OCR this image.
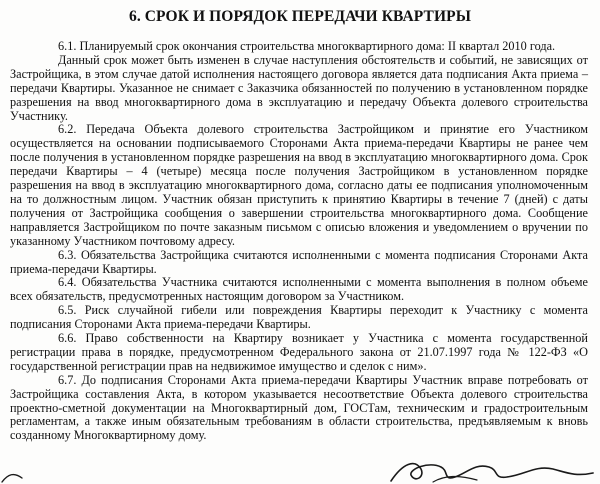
6. СРОК И ПОРЯДОК ПЕРЕДАЧИ КВАРТИРЫ

6.1. Планируемый срок окончания строительства многоквартирного дома: II квартал 2010 года.

Данный срок может быть изменен в случае наступления обстоятельств и событий, не зависящих от Застройщика, в этом случае датой исполнения настоящего договора является дата подписания Акта приема – передачи Квартиры. Указанное не снимает с Заказчика обязанностей по получению в установленном порядке разрешения на ввод многоквартирного дома в эксплуатацию и передачу Объекта долевого строительства Участнику.

6.2. Передача Объекта долевого строительства Застройщиком и принятие его Участником осуществляется на основании подписываемого Сторонами Акта приема-передачи Квартиры не ранее чем после получения в установленном порядке разрешения на ввод в эксплуатацию многоквартирного дома. Срок передачи Квартиры – 4 (четыре) месяца после получения Застройщиком в установленном порядке разрешения на ввод в эксплуатацию многоквартирного дома, согласно даты ее подписания уполномоченным на то должностным лицом. Участник обязан приступить к принятию Квартиры в течение 7 (дней) с даты получения от Застройщика сообщения о завершении строительства многоквартирного дома. Сообщение направляется Застройщиком по почте заказным письмом с описью вложения и уведомлением о вручении по указанному Участником почтовому адресу.

6.3. Обязательства Застройщика считаются исполненными с момента подписания Сторонами Акта приема-передачи Квартиры.

6.4. Обязательства Участника считаются исполненными с момента выполнения в полном объеме всех обязательств, предусмотренных настоящим договором за Участником.

6.5. Риск случайной гибели или повреждения Квартиры переходит к Участнику с момента подписания Сторонами Акта приема-передачи Квартиры.

6.6. Право собственности на Квартиру возникает у Участника с момента государственной регистрации права в порядке, предусмотренном Федерального закона от 21.07.1997 года № 122-ФЗ «О государственной регистрации прав на недвижимое имущество и сделок с ним».

6.7. До подписания Сторонами Акта приема-передачи Квартиры Участник вправе потребовать от Застройщика составления Акта, в котором указывается несоответствие Объекта долевого строительства проектно-сметной документации на Многоквартирный дом, ГОСТам, техническим и градостроительным регламентам, а также иным обязательным требованиям в области строительства, предъявляемым к вновь созданному Многоквартирному дому.
